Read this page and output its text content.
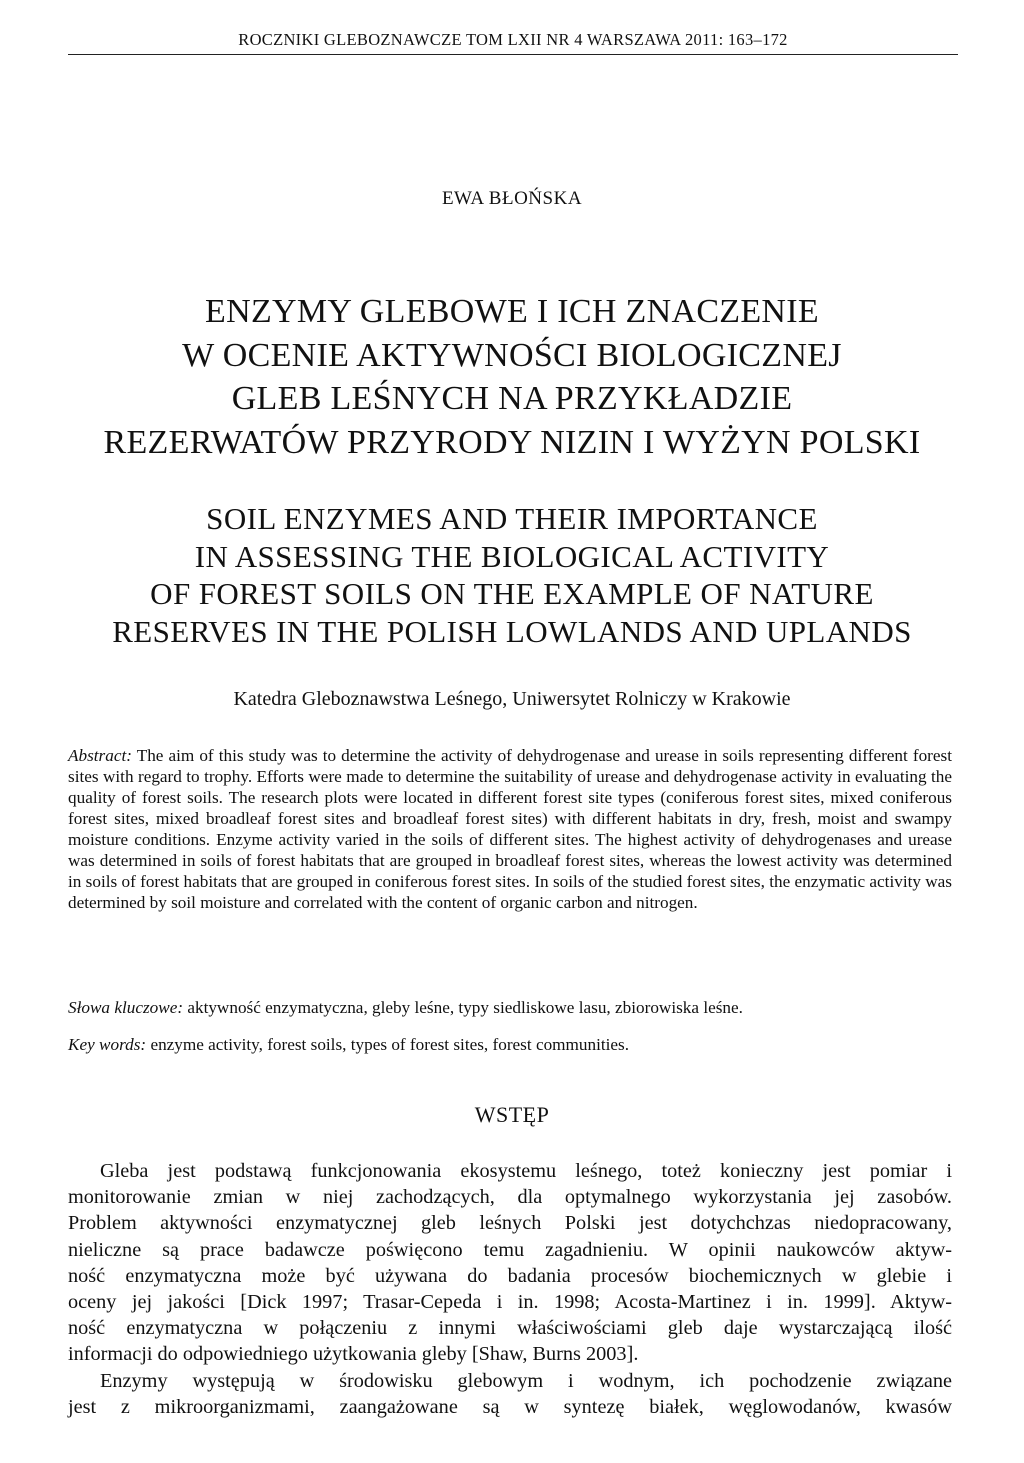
ROCZNIKI GLEBOZNAWCZE TOM LXII NR 4 WARSZAWA 2011: 163–172
EWA BŁOŃSKA
ENZYMY GLEBOWE I ICH ZNACZENIE
W OCENIE AKTYWNOŚCI BIOLOGICZNEJ
GLEB LEŚNYCH NA PRZYKŁADZIE
REZERWATÓW PRZYRODY NIZIN I WYŻYN POLSKI
SOIL ENZYMES AND THEIR IMPORTANCE
IN ASSESSING THE BIOLOGICAL ACTIVITY
OF FOREST SOILS ON THE EXAMPLE OF NATURE
RESERVES IN THE POLISH LOWLANDS AND UPLANDS
Katedra Gleboznawstwa Leśnego, Uniwersytet Rolniczy w Krakowie
Abstract: The aim of this study was to determine the activity of dehydrogenase and urease in soils representing different forest sites with regard to trophy. Efforts were made to determine the suitability of urease and dehydrogenase activity in evaluating the quality of forest soils. The research plots were located in different forest site types (coniferous forest sites, mixed coniferous forest sites, mixed broadleaf forest sites and broadleaf forest sites) with different habitats in dry, fresh, moist and swampy moisture conditions. Enzyme activity varied in the soils of different sites. The highest activity of dehydrogenases and urease was determined in soils of forest habitats that are grouped in broadleaf forest sites, whereas the lowest activity was determined in soils of forest habitats that are grouped in coniferous forest sites. In soils of the studied forest sites, the enzymatic activity was determined by soil moisture and correlated with the content of organic carbon and nitrogen.
Słowa kluczowe: aktywność enzymatyczna, gleby leśne, typy siedliskowe lasu, zbiorowiska leśne.
Key words: enzyme activity, forest soils, types of forest sites, forest communities.
WSTĘP
Gleba jest podstawą funkcjonowania ekosystemu leśnego, toteż konieczny jest pomiar i
monitorowanie zmian w niej zachodzących, dla optymalnego wykorzystania jej zasobów.
Problem aktywności enzymatycznej gleb leśnych Polski jest dotychchzas niedopracowany,
nieliczne są prace badawcze poświęcono temu zagadnieniu. W opinii naukowców aktyw-
ność enzymatyczna może być używana do badania procesów biochemicznych w glebie i
oceny jej jakości [Dick 1997; Trasar-Cepeda i in. 1998; Acosta-Martinez i in. 1999]. Aktyw-
ność enzymatyczna w połączeniu z innymi właściwościami gleb daje wystarczającą ilość
informacji do odpowiedniego użytkowania gleby [Shaw, Burns 2003].
Enzymy występują w środowisku glebowym i wodnym, ich pochodzenie związane
jest z mikroorganizmami, zaangażowane są w syntezę białek, węglowodanów, kwasów
